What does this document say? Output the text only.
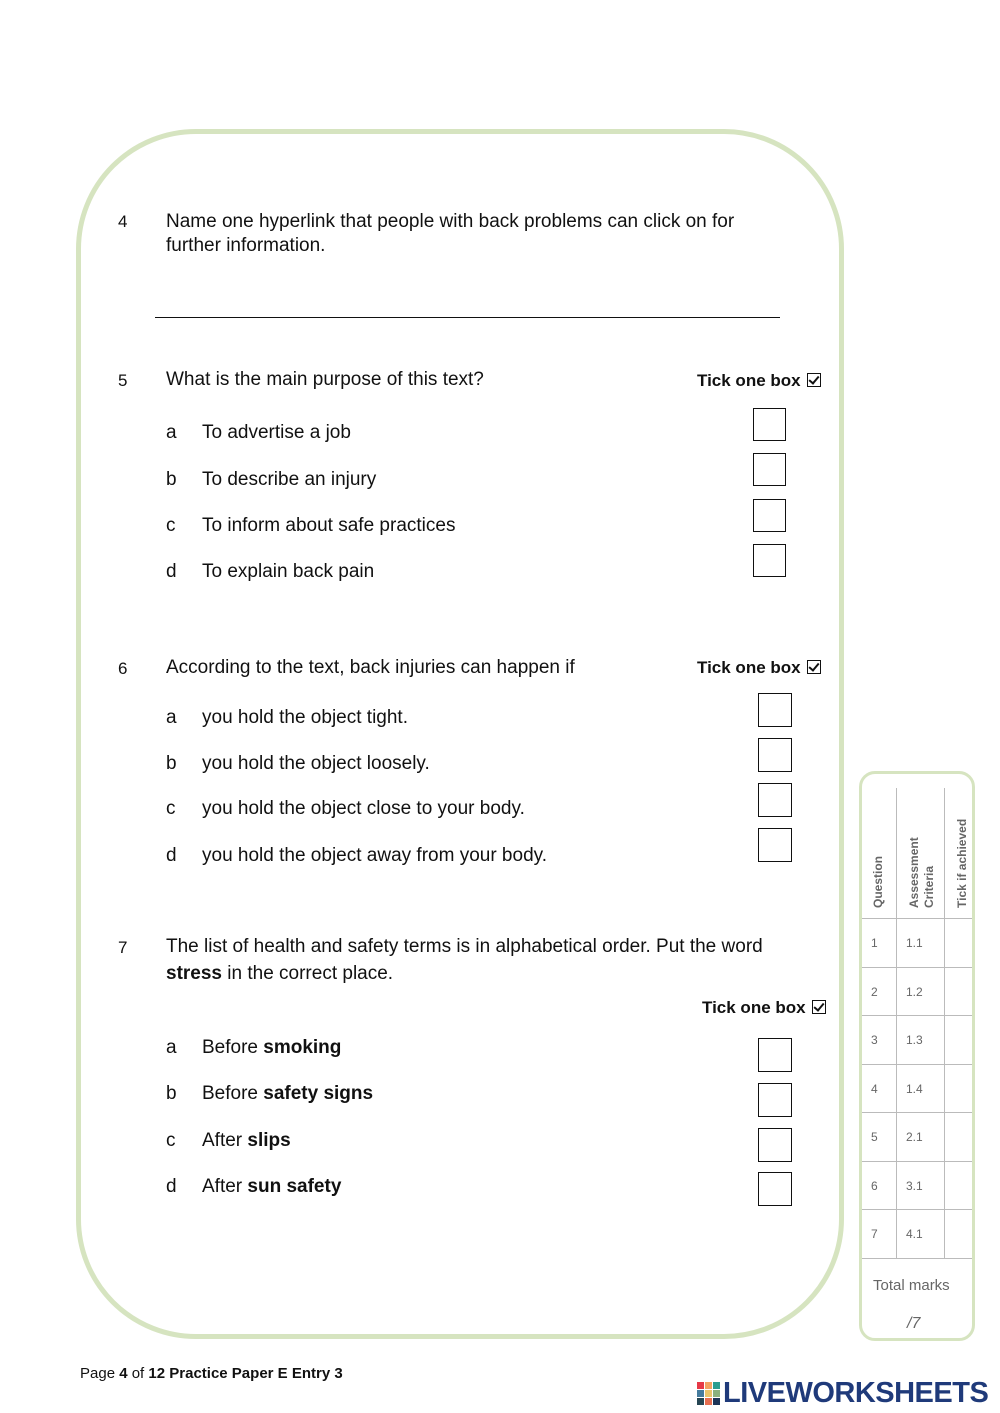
4 Name one hyperlink that people with back problems can click on for further information.
5 What is the main purpose of this text?	Tick one box
a To advertise a job
b To describe an injury
c To inform about safe practices
d To explain back pain
6 According to the text, back injuries can happen if	Tick one box
a you hold the object tight.
b you hold the object loosely.
c you hold the object close to your body.
d you hold the object away from your body.
7 The list of health and safety terms is in alphabetical order. Put the word
stress in the correct place.
Tick one box
a Before smoking
b Before safety signs
c After slips
d After sun safety
Question Assessment Criteria Tick if achieved
1 1.1
2 1.2
3 1.3
4 1.4
5 2.1
6 3.1
7 4.1
Total marks
/7
Page 4 of 12 Practice Paper E Entry 3
LIVEWORKSHEETS
